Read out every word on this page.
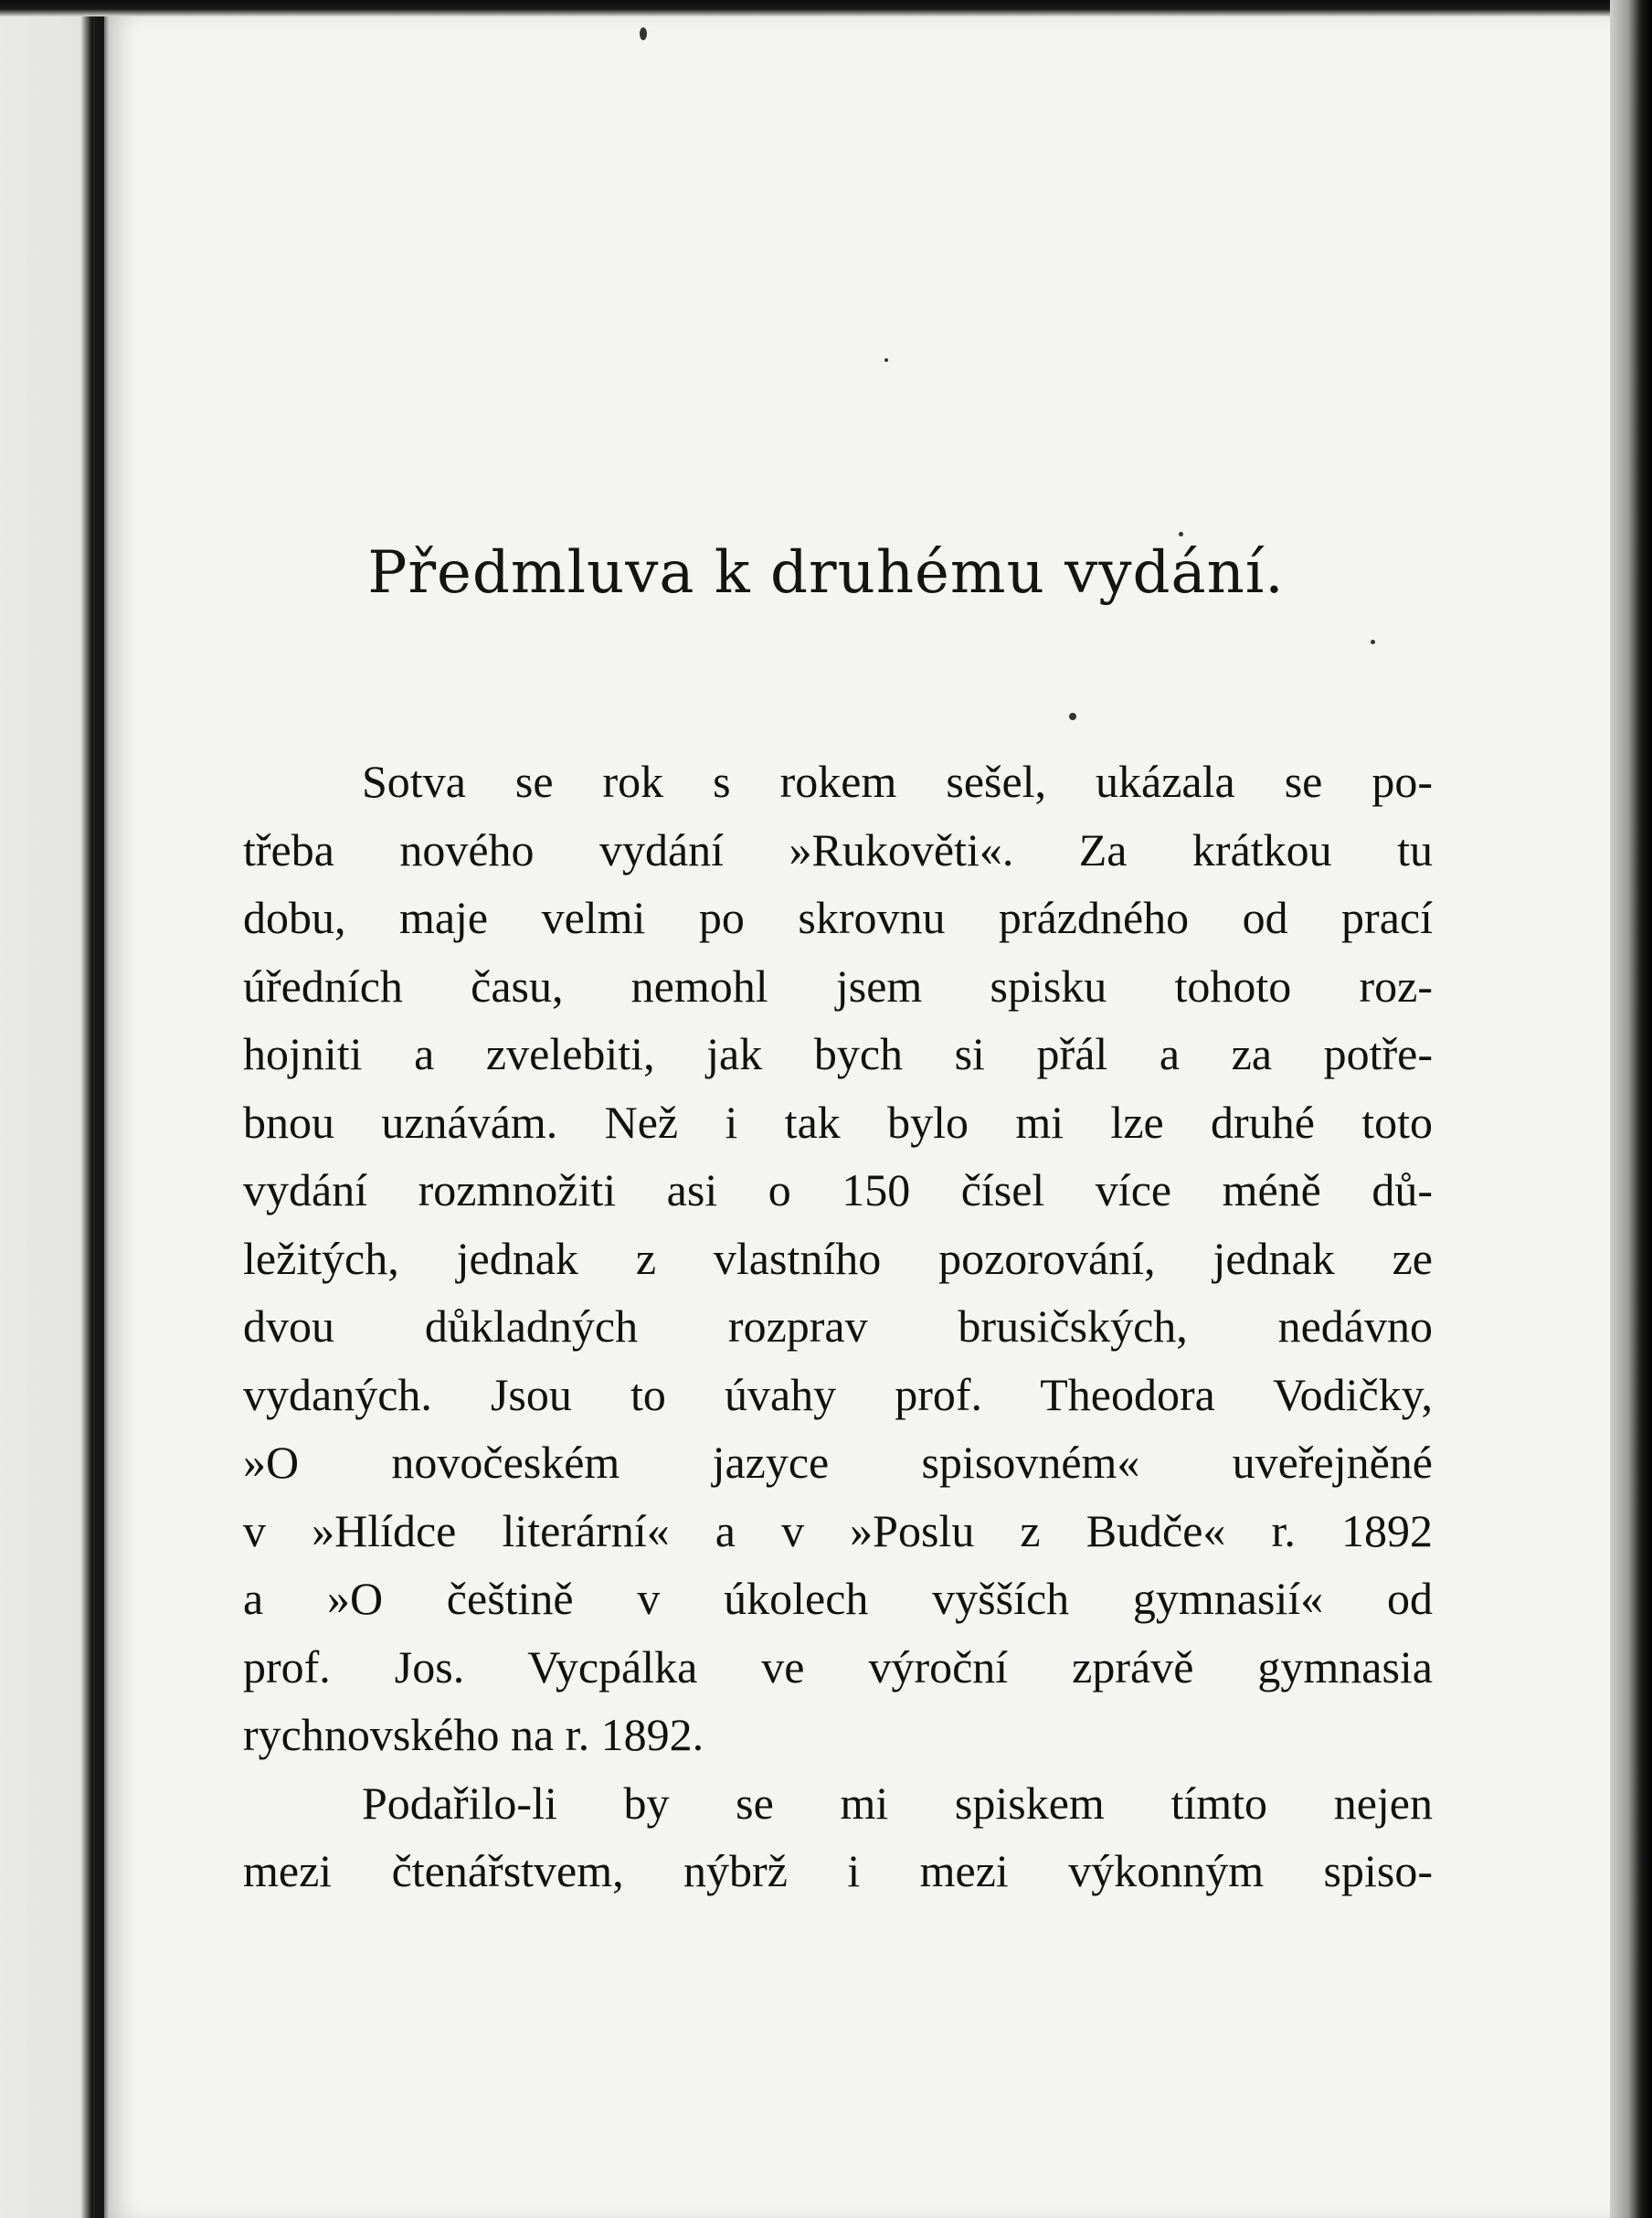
Předmluva k druhému vydání.

Sotva se rok s rokem sešel, ukázala se po-
třeba nového vydání »Rukověti«. Za krátkou tu
dobu, maje velmi po skrovnu prázdného od prací
úředních času, nemohl jsem spisku tohoto roz-
hojniti a zvelebiti, jak bych si přál a za potře-
bnou uznávám. Než i tak bylo mi lze druhé toto
vydání rozmnožiti asi o 150 čísel více méně dů-
ležitých, jednak z vlastního pozorování, jednak ze
dvou důkladných rozprav brusičských, nedávno
vydaných. Jsou to úvahy prof. Theodora Vodičky,
»O novočeském jazyce spisovném« uveřejněné
v »Hlídce literární« a v »Poslu z Budče« r. 1892
a »O češtině v úkolech vyšších gymnasií« od
prof. Jos. Vycpálka ve výroční zprávě gymnasia
rychnovského na r. 1892.

Podařilo-li by se mi spiskem tímto nejen
mezi čtenářstvem, nýbrž i mezi výkonným spiso-
